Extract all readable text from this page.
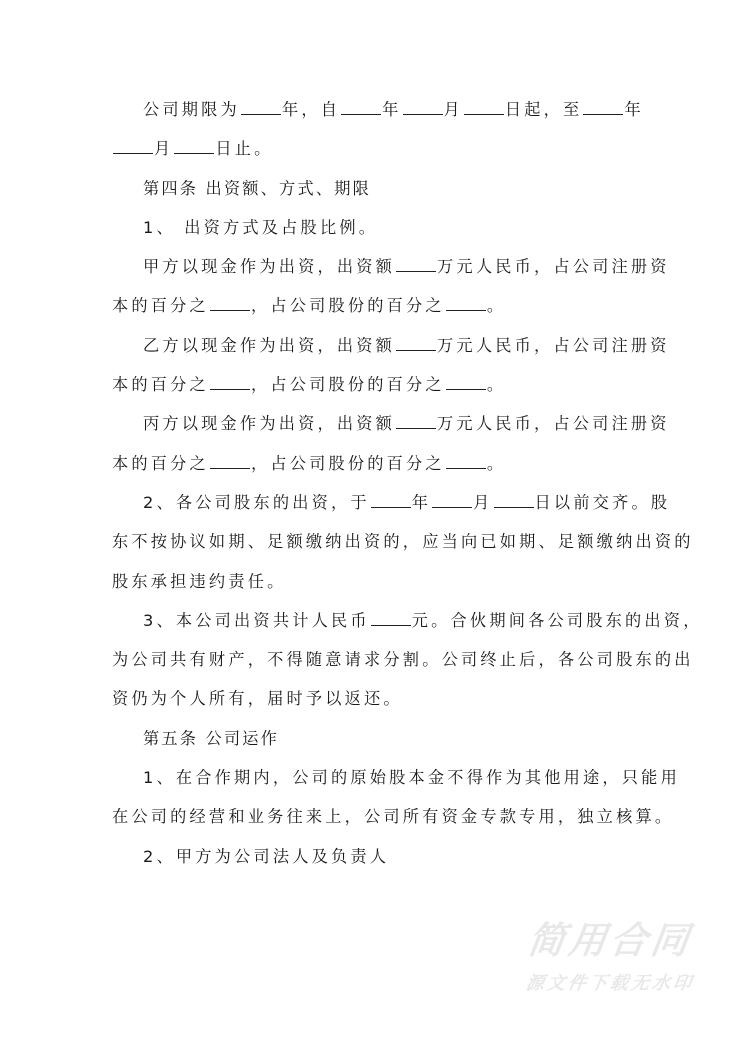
公司期限为	年，自	年	月	日起，至	年
月	日止。
第四条 出资额、方式、期限
1、 出资方式及占股比例。
甲方以现金作为出资，出资额	万元人民币，占公司注册资
本的百分之	，占公司股份的百分之	。
乙方以现金作为出资，出资额	万元人民币，占公司注册资
本的百分之	，占公司股份的百分之	。
丙方以现金作为出资，出资额	万元人民币，占公司注册资
本的百分之	，占公司股份的百分之	。
2、各公司股东的出资，于	年	月	日以前交齐。股
东不按协议如期、足额缴纳出资的，应当向已如期、足额缴纳出资的
股东承担违约责任。
3、本公司出资共计人民币	元。合伙期间各公司股东的出资，
为公司共有财产，不得随意请求分割。公司终止后，各公司股东的出
资仍为个人所有，届时予以返还。
第五条 公司运作
1、在合作期内，公司的原始股本金不得作为其他用途，只能用
在公司的经营和业务往来上，公司所有资金专款专用，独立核算。
2、甲方为公司法人及负责人
简用合同
源文件下载无水印
